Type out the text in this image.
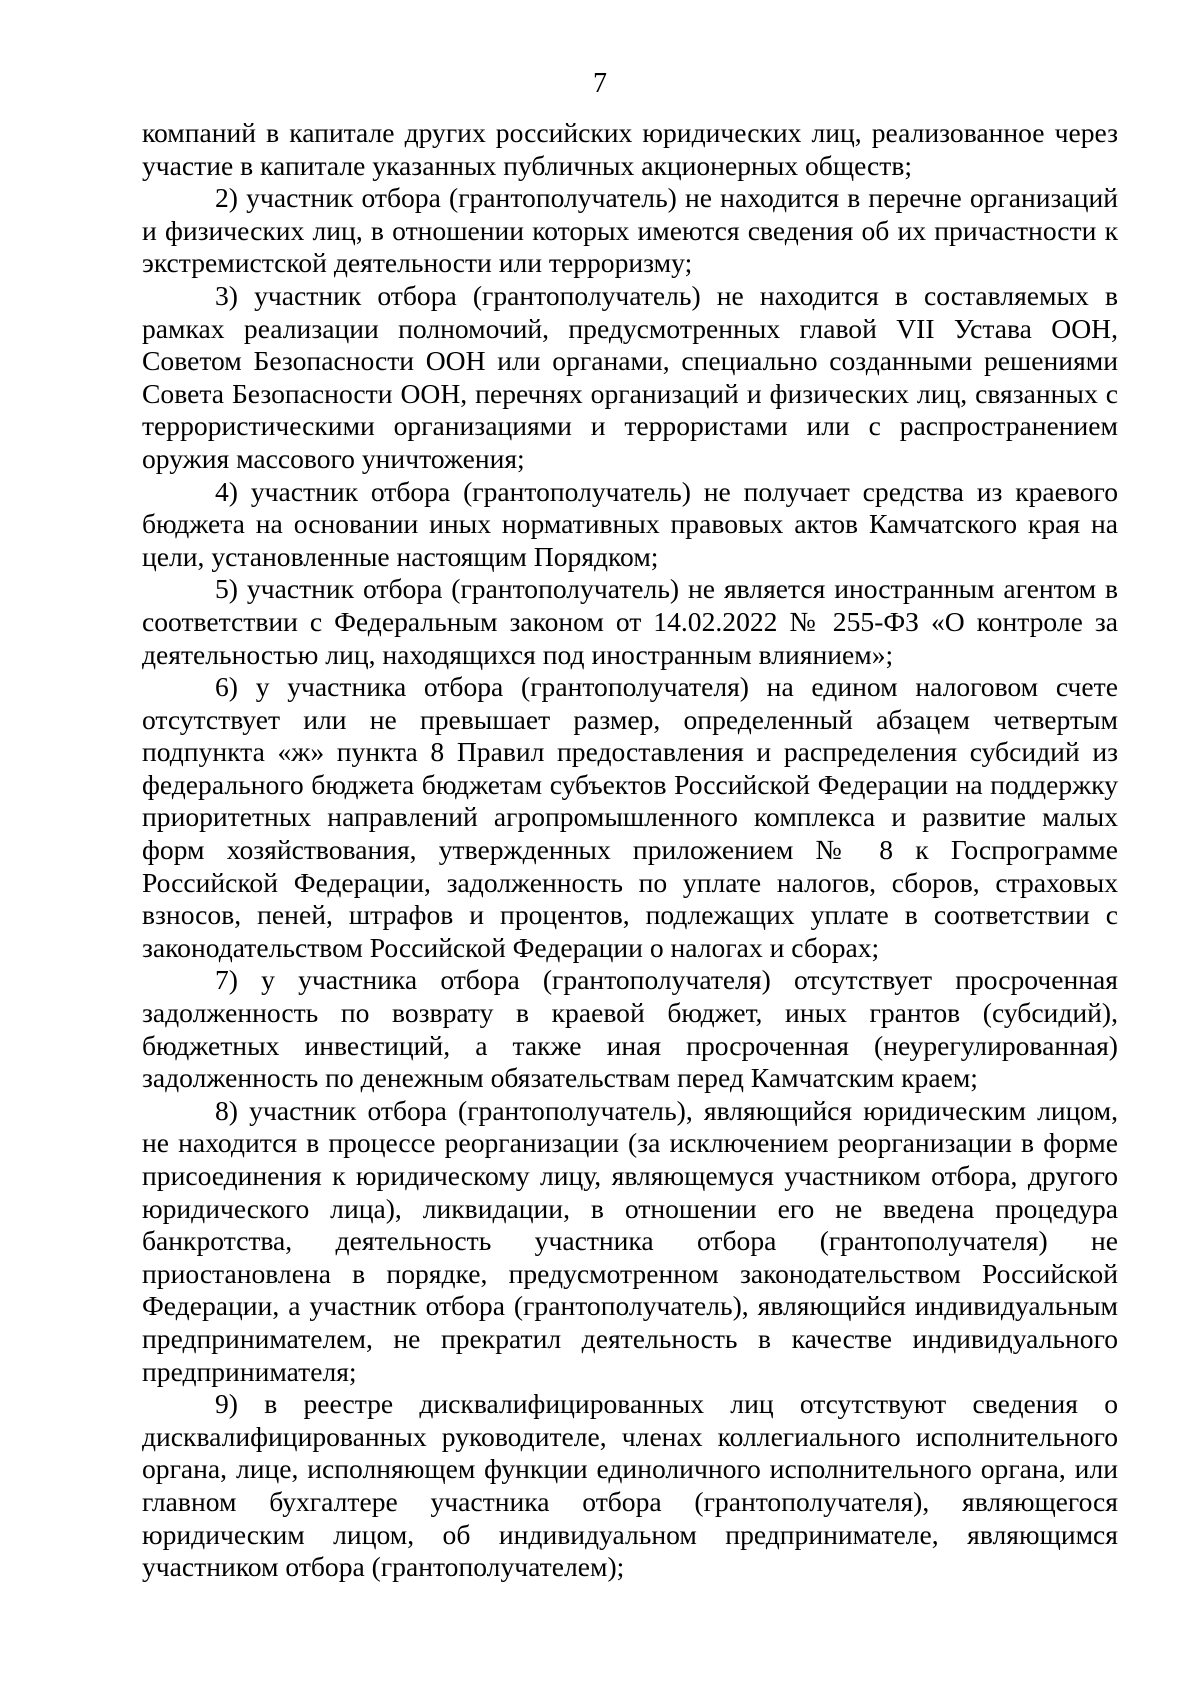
7

компаний в капитале других российских юридических лиц, реализованное через участие в капитале указанных публичных акционерных обществ;

2) участник отбора (грантополучатель) не находится в перечне организаций и физических лиц, в отношении которых имеются сведения об их причастности к экстремистской деятельности или терроризму;

3) участник отбора (грантополучатель) не находится в составляемых в рамках реализации полномочий, предусмотренных главой VII Устава ООН, Советом Безопасности ООН или органами, специально созданными решениями Совета Безопасности ООН, перечнях организаций и физических лиц, связанных с террористическими организациями и террористами или с распространением оружия массового уничтожения;

4) участник отбора (грантополучатель) не получает средства из краевого бюджета на основании иных нормативных правовых актов Камчатского края на цели, установленные настоящим Порядком;

5) участник отбора (грантополучатель) не является иностранным агентом в соответствии с Федеральным законом от 14.02.2022 № 255-ФЗ «О контроле за деятельностью лиц, находящихся под иностранным влиянием»;

6) у участника отбора (грантополучателя) на едином налоговом счете отсутствует или не превышает размер, определенный абзацем четвертым подпункта «ж» пункта 8 Правил предоставления и распределения субсидий из федерального бюджета бюджетам субъектов Российской Федерации на поддержку приоритетных направлений агропромышленного комплекса и развитие малых форм хозяйствования, утвержденных приложением № 8 к Госпрограмме Российской Федерации, задолженность по уплате налогов, сборов, страховых взносов, пеней, штрафов и процентов, подлежащих уплате в соответствии с законодательством Российской Федерации о налогах и сборах;

7) у участника отбора (грантополучателя) отсутствует просроченная задолженность по возврату в краевой бюджет, иных грантов (субсидий), бюджетных инвестиций, а также иная просроченная (неурегулированная) задолженность по денежным обязательствам перед Камчатским краем;

8) участник отбора (грантополучатель), являющийся юридическим лицом, не находится в процессе реорганизации (за исключением реорганизации в форме присоединения к юридическому лицу, являющемуся участником отбора, другого юридического лица), ликвидации, в отношении его не введена процедура банкротства, деятельность участника отбора (грантополучателя) не приостановлена в порядке, предусмотренном законодательством Российской Федерации, а участник отбора (грантополучатель), являющийся индивидуальным предпринимателем, не прекратил деятельность в качестве индивидуального предпринимателя;

9) в реестре дисквалифицированных лиц отсутствуют сведения о дисквалифицированных руководителе, членах коллегиального исполнительного органа, лице, исполняющем функции единоличного исполнительного органа, или главном бухгалтере участника отбора (грантополучателя), являющегося юридическим лицом, об индивидуальном предпринимателе, являющимся участником отбора (грантополучателем);
